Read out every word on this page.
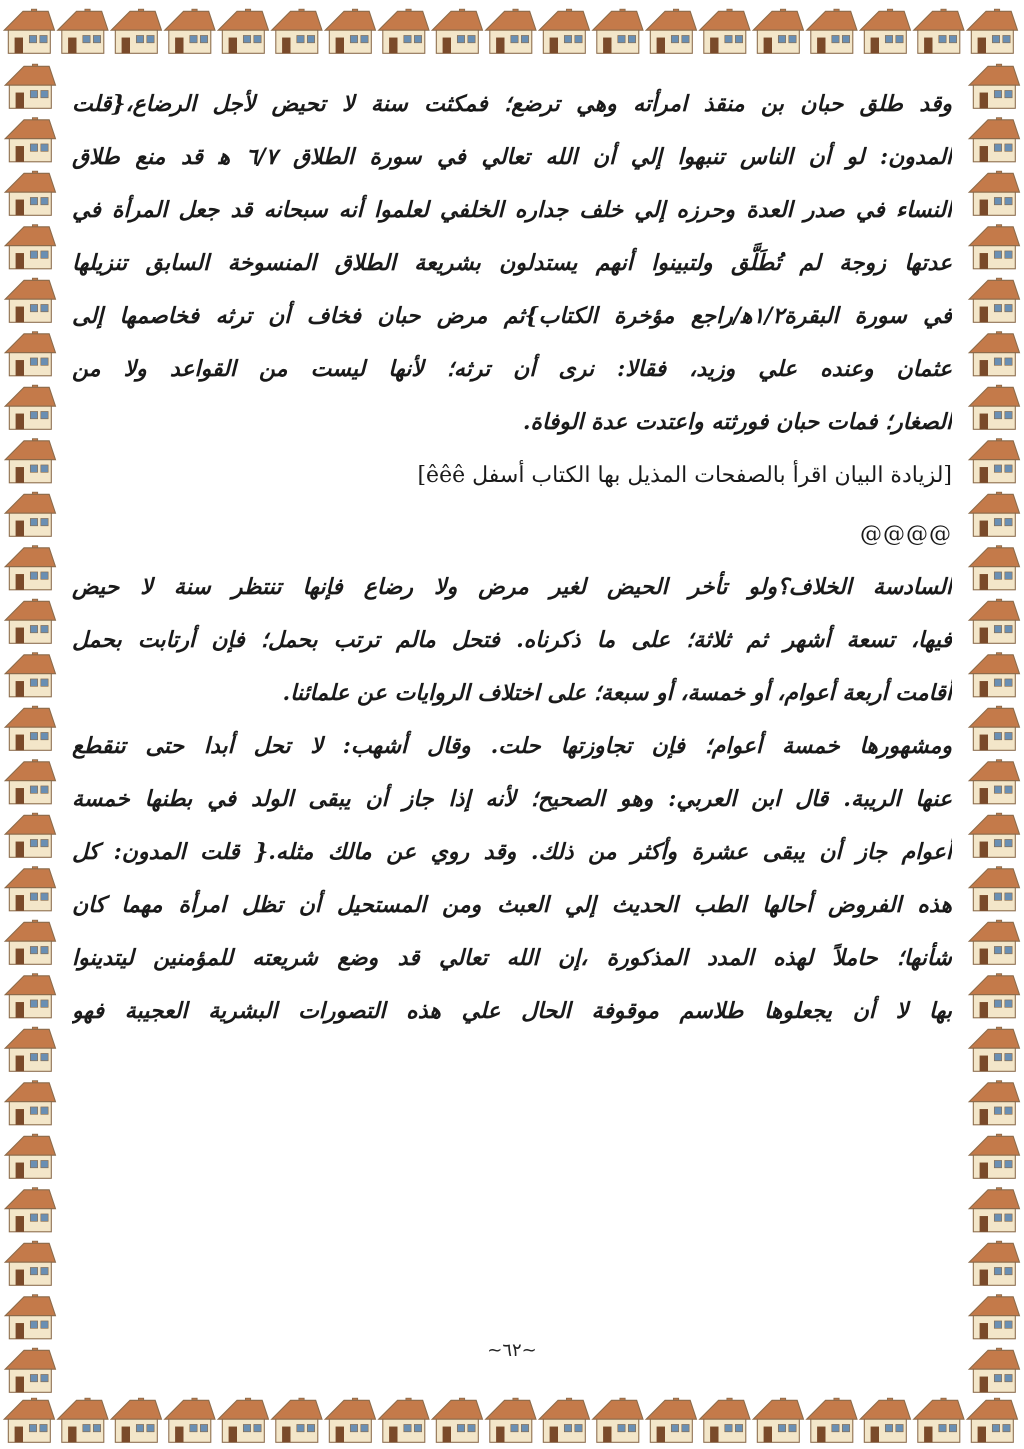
وقد طلق حبان بن منقذ امرأته وهي ترضع؛ فمكثت سنة لا تحيض لأجل الرضاع،{قلت
المدون: لو أن الناس تنبهوا إلي أن الله تعالي في سورة الطلاق ٦/٧ ﻫ قد منع طلاق
النساء في صدر العدة وحرزه إلي خلف جداره الخلفي لعلموا أنه سبحانه قد جعل المرأة في
عدتها زوجة لم تُطَلَّق ولتبينوا أنهم يستدلون بشريعة الطلاق المنسوخة السابق تنزيلها
في سورة البقرة١/٢ﻫ/راجع مؤخرة الكتاب}ثم مرض حبان فخاف أن ترثه فخاصمها إلى
عثمان وعنده علي وزيد، فقالا: نرى أن ترثه؛ لأنها ليست من القواعد ولا من
الصغار؛ فمات حبان فورثته واعتدت عدة الوفاة.
[لزيادة البيان اقرأ بالصفحات المذيل بها الكتاب أسفل êêê]
@@@@
السادسة الخلاف؟ولو تأخر الحيض لغير مرض ولا رضاع فإنها تنتظر سنة لا حيض
فيها، تسعة أشهر ثم ثلاثة؛ على ما ذكرناه. فتحل مالم ترتب بحمل؛ فإن أرتابت بحمل
أقامت أربعة أعوام، أو خمسة، أو سبعة؛ على اختلاف الروايات عن علمائنا.
ومشهورها خمسة أعوام؛ فإن تجاوزتها حلت. وقال أشهب: لا تحل أبدا حتى تنقطع
عنها الريبة. قال ابن العربي: وهو الصحيح؛ لأنه إذا جاز أن يبقى الولد في بطنها خمسة
أعوام جاز أن يبقى عشرة وأكثر من ذلك. وقد روي عن مالك مثله.{ قلت المدون: كل
هذه الفروض أحالها الطب الحديث إلي العبث ومن المستحيل أن تظل امرأة مهما كان
شأنها؛ حاملاً لهذه المدد المذكورة ،إن الله تعالي قد وضع شريعته للمؤمنين ليتدينوا
بها لا أن يجعلوها طلاسم موقوفة الحال علي هذه التصورات البشرية العجيبة فهو
~٦٢~
